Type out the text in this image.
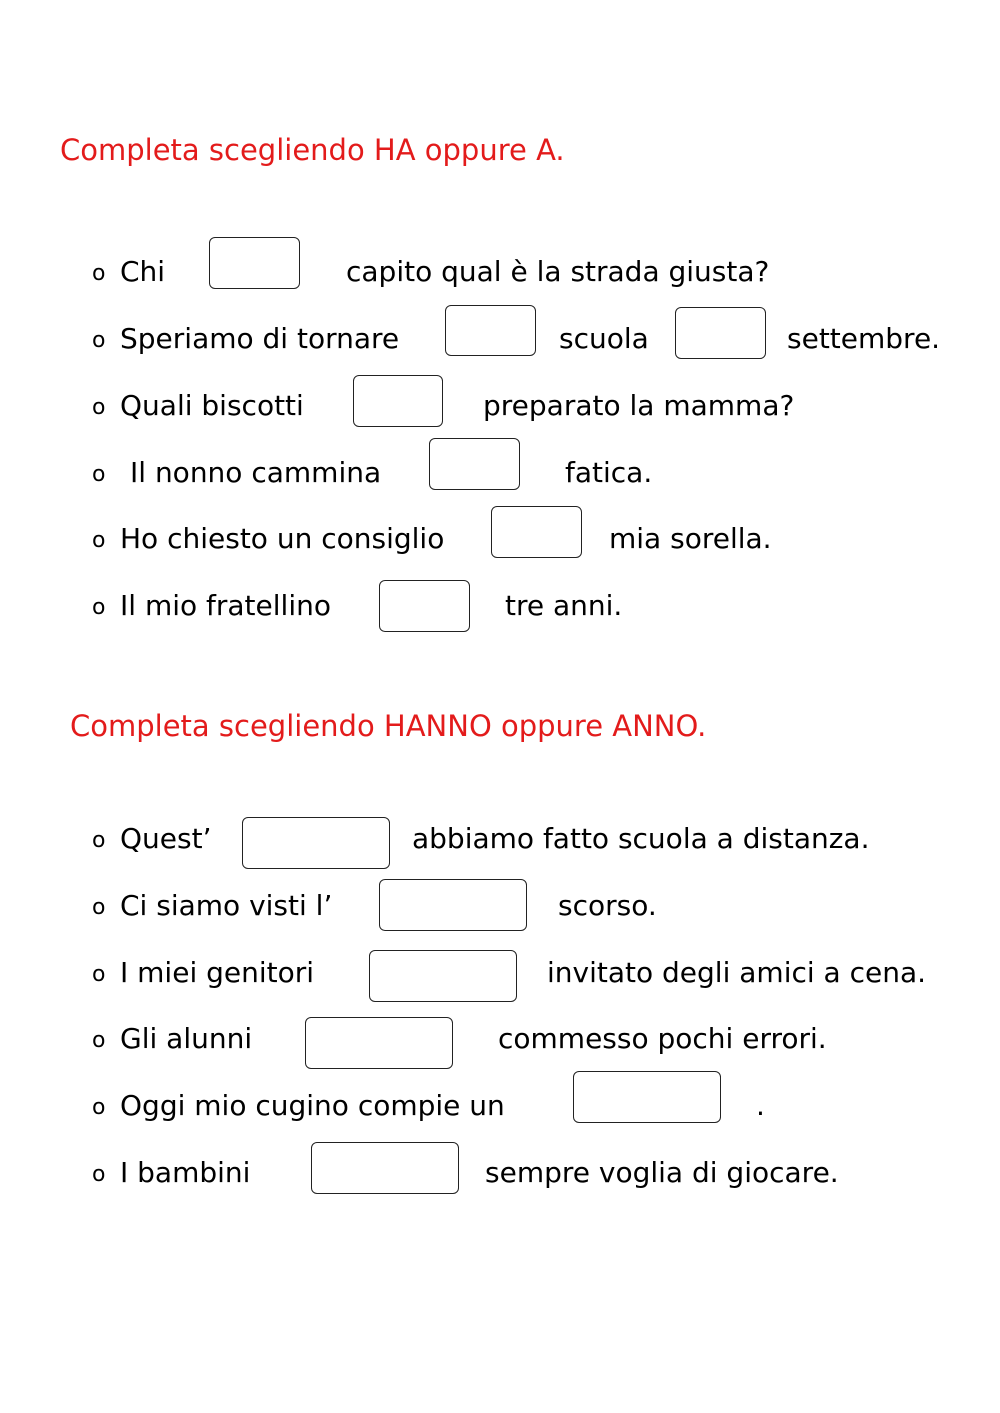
Completa scegliendo HA oppure A.
o Chi	capito qual è la strada giusta?
o Speriamo di tornare	scuola	settembre.
o Quali biscotti	preparato la mamma?
o Il nonno cammina	fatica.
o Ho chiesto un consiglio	mia sorella.
o Il mio fratellino	tre anni.
Completa scegliendo HANNO oppure ANNO.
o Quest’	abbiamo fatto scuola a distanza.
o Ci siamo visti l’	scorso.
o I miei genitori	invitato degli amici a cena.
o Gli alunni	commesso pochi errori.
o Oggi mio cugino compie un	.
o I bambini	sempre voglia di giocare.
